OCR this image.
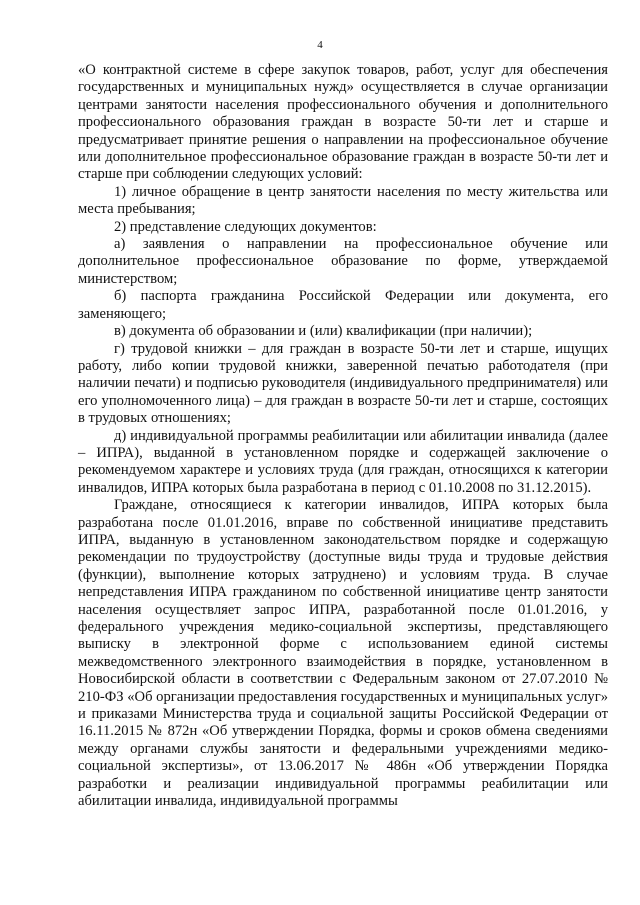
4

«О контрактной системе в сфере закупок товаров, работ, услуг для обеспечения государственных и муниципальных нужд» осуществляется в случае организации центрами занятости населения профессионального обучения и дополнительного профессионального образования граждан в возрасте 50-ти лет и старше и предусматривает принятие решения о направлении на профессиональное обучение или дополнительное профессиональное образование граждан в возрасте 50-ти лет и старше при соблюдении следующих условий:

1) личное обращение в центр занятости населения по месту жительства или места пребывания;

2) представление следующих документов:

а) заявления о направлении на профессиональное обучение или дополнительное профессиональное образование по форме, утверждаемой министерством;

б) паспорта гражданина Российской Федерации или документа, его заменяющего;

в) документа об образовании и (или) квалификации (при наличии);

г) трудовой книжки – для граждан в возрасте 50-ти лет и старше, ищущих работу, либо копии трудовой книжки, заверенной печатью работодателя (при наличии печати) и подписью руководителя (индивидуального предпринимателя) или его уполномоченного лица) – для граждан в возрасте 50-ти лет и старше, состоящих в трудовых отношениях;

д) индивидуальной программы реабилитации или абилитации инвалида (далее – ИПРА), выданной в установленном порядке и содержащей заключение о рекомендуемом характере и условиях труда (для граждан, относящихся к категории инвалидов, ИПРА которых была разработана в период с 01.10.2008 по 31.12.2015).

Граждане, относящиеся к категории инвалидов, ИПРА которых была разработана после 01.01.2016, вправе по собственной инициативе представить ИПРА, выданную в установленном законодательством порядке и содержащую рекомендации по трудоустройству (доступные виды труда и трудовые действия (функции), выполнение которых затруднено) и условиям труда. В случае непредставления ИПРА гражданином по собственной инициативе центр занятости населения осуществляет запрос ИПРА, разработанной после 01.01.2016, у федерального учреждения медико-социальной экспертизы, представляющего выписку в электронной форме с использованием единой системы межведомственного электронного взаимодействия в порядке, установленном в Новосибирской области в соответствии с Федеральным законом от 27.07.2010 № 210-ФЗ «Об организации предоставления государственных и муниципальных услуг» и приказами Министерства труда и социальной защиты Российской Федерации от 16.11.2015 № 872н «Об утверждении Порядка, формы и сроков обмена сведениями между органами службы занятости и федеральными учреждениями медико-социальной экспертизы», от 13.06.2017 № 486н «Об утверждении Порядка разработки и реализации индивидуальной программы реабилитации или абилитации инвалида, индивидуальной программы
